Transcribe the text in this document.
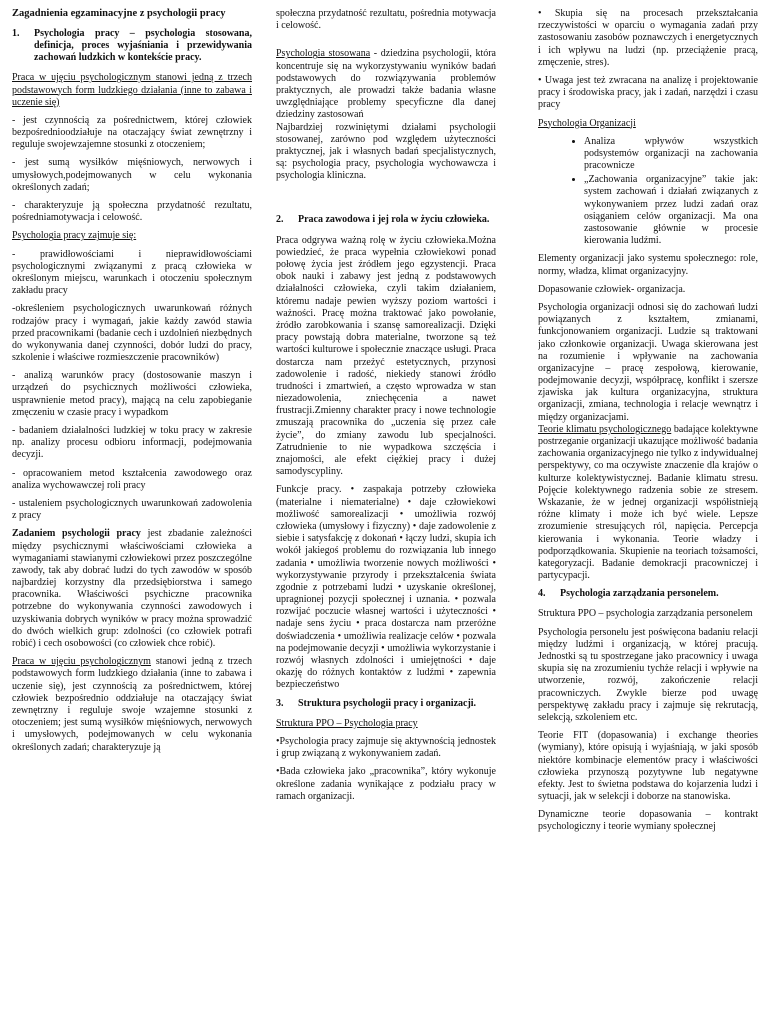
Zagadnienia egzaminacyjne z psychologii pracy

1.	Psychologia pracy – psychologia stosowana, definicja, proces wyjaśniania i przewidywania zachowań ludzkich w kontekście pracy.

Praca w ujęciu psychologicznym stanowi jedną z trzech podstawowych form ludzkiego działania (inne to zabawa i uczenie się)

- jest czynnością za pośrednictwem, której człowiek bezpośrednioodziałuje na otaczający świat zewnętrzny i reguluje swojewzajemne stosunki z otoczeniem;

- jest sumą wysiłków mięśniowych, nerwowych i umysłowych,podejmowanych w celu wykonania określonych zadań;

- charakteryzuje ją społeczna przydatność rezultatu, pośredniamotywacja i celowość.

Psychologia pracy zajmuje się:

- prawidłowościami i nieprawidłowościami psychologicznymi związanymi z pracą człowieka w określonym miejscu, warunkach i otoczeniu społecznym zakładu pracy

-określeniem psychologicznych uwarunkowań różnych rodzajów pracy i wymagań, jakie każdy zawód stawia przed pracownikami (badanie cech i uzdolnień niezbędnych do wykonywania danej czynności, dobór ludzi do pracy, szkolenie i właściwe rozmieszczenie pracowników)

- analizą warunków pracy (dostosowanie maszyn i urządzeń do psychicznych możliwości człowieka, usprawnienie metod pracy), mającą na celu zapobieganie zmęczeniu w czasie pracy i wypadkom

- badaniem działalności ludzkiej w toku pracy w zakresie np. analizy procesu odbioru informacji, podejmowania decyzji.

- opracowaniem metod kształcenia zawodowego oraz analiza wychowawczej roli pracy

- ustaleniem psychologicznych uwarunkowań zadowolenia z pracy

Zadaniem psychologii pracy jest zbadanie zależności między psychicznymi właściwościami człowieka a wymaganiami stawianymi człowiekowi przez poszczególne zawody, tak aby dobrać ludzi do tych zawodów w sposób najbardziej korzystny dla przedsiębiorstwa i samego pracownika. Właściwości psychiczne pracownika potrzebne do wykonywania czynności zawodowych i uzyskiwania dobrych wyników w pracy można sprowadzić do dwóch wielkich grup: zdolności (co człowiek potrafi robić) i cech osobowości (co człowiek chce robić).

Praca w ujęciu psychologicznym stanowi jedną z trzech podstawowych form ludzkiego działania (inne to zabawa i uczenie się), jest czynnością za pośrednictwem, której człowiek bezpośrednio oddziałuje na otaczający świat zewnętrzny i reguluje swoje wzajemne stosunki z otoczeniem; jest sumą wysiłków mięśniowych, nerwowych i umysłowych, podejmowanych w celu wykonania określonych zadań; charakteryzuje ją

społeczna przydatność rezultatu, pośrednia motywacja i celowość.

Psychologia stosowana - dziedzina psychologii, która koncentruje się na wykorzystywaniu wyników badań podstawowych do rozwiązywania problemów praktycznych, ale prowadzi także badania własne uwzględniające problemy specyficzne dla danej dziedziny zastosowań

Najbardziej rozwiniętymi działami psychologii stosowanej, zarówno pod względem użyteczności praktycznej, jak i własnych badań specjalistycznych, są: psychologia pracy, psychologia wychowawcza i psychologia kliniczna.

2.	Praca zawodowa i jej rola w życiu człowieka.

Praca odgrywa ważną rolę w życiu człowieka.Można powiedzieć, że praca wypełnia człowiekowi ponad połowę życia jest źródłem jego egzystencji. Praca obok nauki i zabawy jest jedną z podstawowych działalności człowieka, czyli takim działaniem, któremu nadaje pewien wyższy poziom wartości i ważności. Pracę można traktować jako powołanie, źródło zarobkowania i szansę samorealizacji. Dzięki pracy powstają dobra materialne, tworzone są też wartości kulturowe i społecznie znaczące usługi. Praca dostarcza nam przeżyć estetycznych, przynosi zadowolenie i radość, niekiedy stanowi źródło trudności i zmartwień, a często wprowadza w stan niezadowolenia, zniechęcenia a nawet frustracji.Zmienny charakter pracy i nowe technologie zmuszają pracownika do „uczenia się przez całe życie”, do zmiany zawodu lub specjalności. Zatrudnienie to nie wypadkowa szczęścia i znajomości, ale efekt ciężkiej pracy i dużej samodyscypliny.

Funkcje pracy. • zaspakaja potrzeby człowieka (materialne i niematerialne) • daje człowiekowi możliwość samorealizacji • umożliwia rozwój człowieka (umysłowy i fizyczny) • daje zadowolenie z siebie i satysfakcję z dokonań • łączy ludzi, skupia ich wokół jakiegoś problemu do rozwiązania lub innego zadania • umożliwia tworzenie nowych możliwości • wykorzystywanie przyrody i przekształcenia świata zgodnie z potrzebami ludzi • uzyskanie określonej, upragnionej pozycji społecznej i uznania. • pozwala rozwijać poczucie własnej wartości i użyteczności • nadaje sens życiu • praca dostarcza nam przeróżne doświadczenia • umożliwia realizacje celów • pozwala na podejmowanie decyzji • umożliwia wykorzystanie i rozwój własnych zdolności i umiejętności • daje okazję do różnych kontaktów z ludźmi • zapewnia bezpieczeństwo

3.	Struktura psychologii pracy i organizacji.

Struktura PPO – Psychologia pracy

•Psychologia pracy zajmuje się aktywnością jednostek i grup związaną z wykonywaniem zadań.

•Bada człowieka jako „pracownika”, który wykonuje określone zadania wynikające z podziału pracy w ramach organizacji.

• Skupia się na procesach przekształcania rzeczywistości w oparciu o wymagania zadań przy zastosowaniu zasobów poznawczych i energetycznych i ich wpływu na ludzi (np. przeciążenie pracą, zmęczenie, stres).

• Uwaga jest też zwracana na analizę i projektowanie pracy i środowiska pracy, jak i zadań, narzędzi i czasu pracy

Psychologia Organizacji

• Analiza wpływów wszystkich podsystemów organizacji na zachowania pracownicze
• „Zachowania organizacyjne” takie jak: system zachowań i działań związanych z wykonywaniem przez ludzi zadań oraz osiąganiem celów organizacji. Ma ona zastosowanie głównie w procesie kierowania ludźmi.

Elementy organizacji jako systemu społecznego: role, normy, władza, klimat organizacyjny.

Dopasowanie człowiek- organizacja.

Psychologia organizacji odnosi się do zachowań ludzi powiązanych z kształtem, zmianami, funkcjonowaniem organizacji. Ludzie są traktowani jako członkowie organizacji. Uwaga skierowana jest na rozumienie i wpływanie na zachowania organizacyjne – pracę zespołową, kierowanie, podejmowanie decyzji, współpracę, konflikt i szersze zjawiska jak kultura organizacyjna, struktura organizacji, zmiana, technologia i relacje wewnątrz i między organizacjami.

Teorie klimatu psychologicznego badające kolektywne postrzeganie organizacji ukazujące możliwość badania zachowania organizacyjnego nie tylko z indywidualnej perspektywy, co ma oczywiste znaczenie dla krajów o kulturze kolektywistycznej. Badanie klimatu stresu. Pojęcie kolektywnego radzenia sobie ze stresem. Wskazanie, że w jednej organizacji współistnieją różne klimaty i może ich być wiele. Lepsze zrozumienie stresujących ról, napięcia. Percepcja kierowania i wykonania. Teorie władzy i podporządkowania. Skupienie na teoriach tożsamości, kategoryzacji. Badanie demokracji pracowniczej i partycypacji.

4.	Psychologia zarządzania personelem.

Struktura PPO – psychologia zarządzania personelem

Psychologia personelu jest poświęcona badaniu relacji między ludźmi i organizacją, w której pracują. Jednostki są tu spostrzegane jako pracownicy i uwaga skupia się na zrozumieniu tychże relacji i wpływie na utworzenie, rozwój, zakończenie relacji pracowniczych. Zwykle bierze pod uwagę perspektywę zakładu pracy i zajmuje się rekrutacją, selekcją, szkoleniem etc.

Teorie FIT (dopasowania) i exchange theories (wymiany), które opisują i wyjaśniają, w jaki sposób niektóre kombinacje elementów pracy i właściwości człowieka przynoszą pozytywne lub negatywne efekty. Jest to świetna podstawa do kojarzenia ludzi i sytuacji, jak w selekcji i doborze na stanowiska.

Dynamiczne teorie dopasowania – kontrakt psychologiczny i teorie wymiany społecznej
